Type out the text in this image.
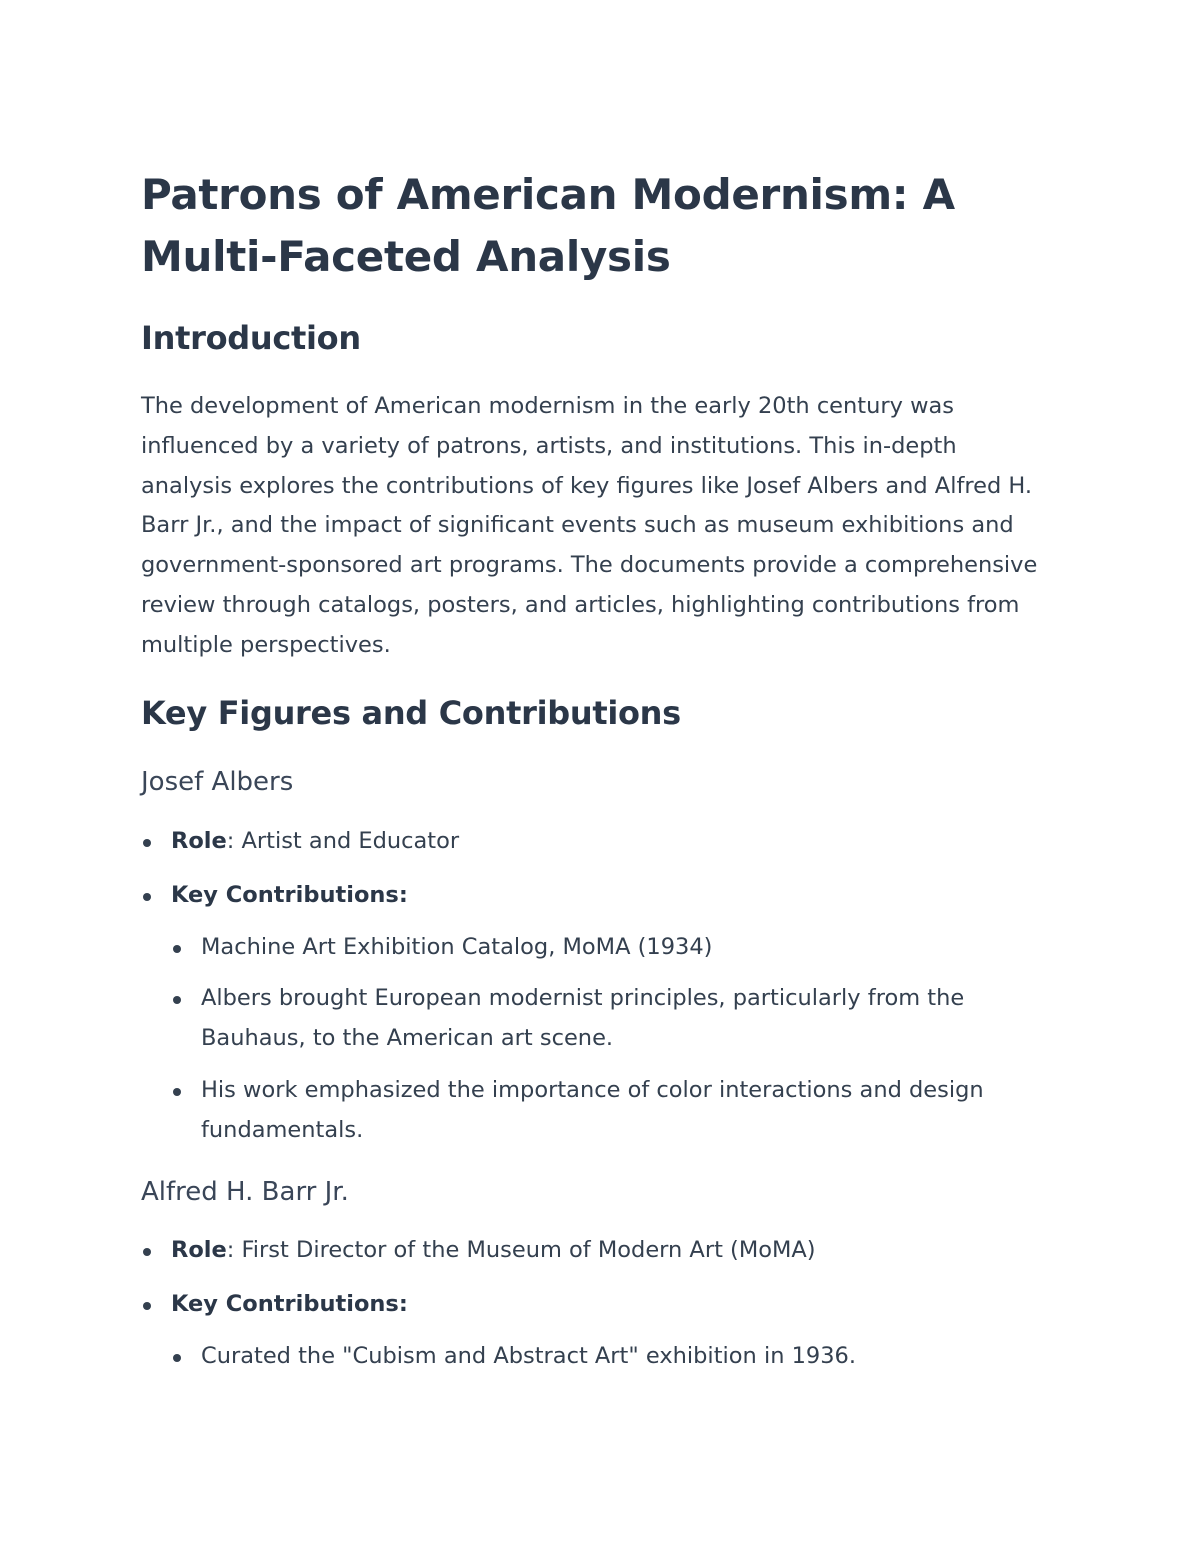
Patrons of American Modernism: A Multi-Faceted Analysis
Introduction

The development of American modernism in the early 20th century was influenced by a variety of patrons, artists, and institutions. This in-depth analysis explores the contributions of key figures like Josef Albers and Alfred H. Barr Jr., and the impact of significant events such as museum exhibitions and government-sponsored art programs. The documents provide a comprehensive review through catalogs, posters, and articles, highlighting contributions from multiple perspectives.

Key Figures and Contributions
Josef Albers
Role: Artist and Educator
Key Contributions:
Machine Art Exhibition Catalog, MoMA (1934)
Albers brought European modernist principles, particularly from the Bauhaus, to the American art scene.
His work emphasized the importance of color interactions and design fundamentals.
Alfred H. Barr Jr.
Role: First Director of the Museum of Modern Art (MoMA)
Key Contributions:
Curated the "Cubism and Abstract Art" exhibition in 1936.
